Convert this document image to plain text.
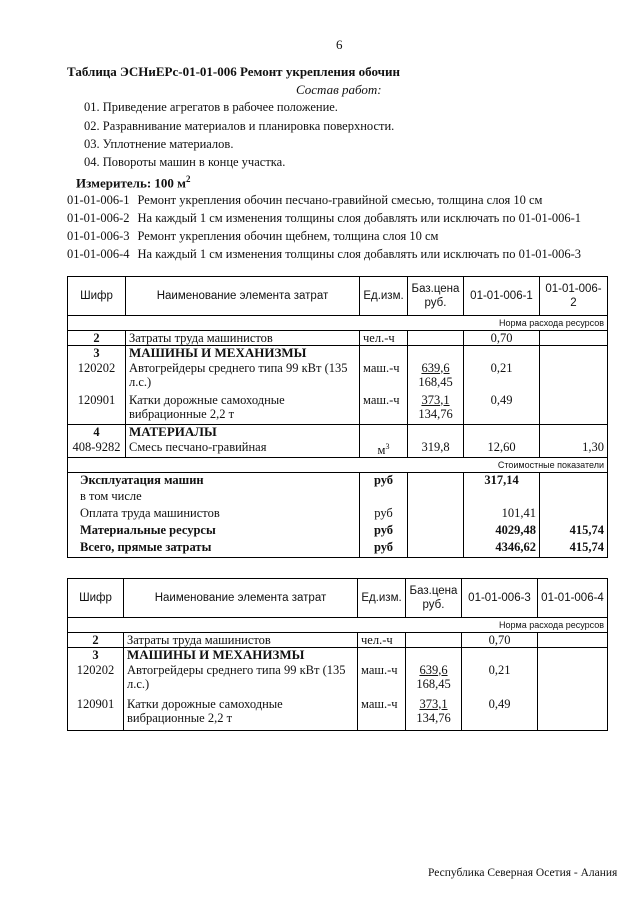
6
Таблица ЭСНиЕРс-01-01-006 Ремонт укрепления обочин
Состав работ:
01. Приведение агрегатов в рабочее положение.
02. Разравнивание материалов и планировка поверхности.
03. Уплотнение материалов.
04. Повороты машин в конце участка.
Измеритель: 100 $м^2$
01-01-006-1 Ремонт укрепления обочин песчано-гравийной смесью, толщина слоя 10 см
01-01-006-2 На каждый 1 см изменения толщины слоя добавлять или исключать по 01-01-006-1
01-01-006-3 Ремонт укрепления обочин щебнем, толщина слоя 10 см
01-01-006-4 На каждый 1 см изменения толщины слоя добавлять или исключать по 01-01-006-3
Шифр	Наименование элемента затрат	Ед.изм.	Баз.цена руб.	01-01-006-1	01-01-006-2
Норма расхода ресурсов					
2	Затраты труда машинистов	чел.-ч		0,70	
3	МАШИНЫ И МЕХАНИЗМЫ				
120202	Автогрейдеры среднего типа 99 кВт (135 л.с.)	маш.-ч	639,6
168,45	0,21	
120901	Катки дорожные самоходные вибрационные 2,2 т	маш.-ч	373,1
134,76	0,49	
4	МАТЕРИАЛЫ				
408-9282	Смесь песчано-гравийная	$м^3$	319,8	12,60	1,30
Стоимостные показатели					
Эксплуатация машин		руб		317,14	
в том числе					
Оплата труда машинистов		руб		101,41	
Материальные ресурсы		руб		4029,48	415,74
Всего, прямые затраты		руб		4346,62	415,74
Шифр	Наименование элемента затрат	Ед.изм.	Баз.цена руб.	01-01-006-3	01-01-006-4
Норма расхода ресурсов					
2	Затраты труда машинистов	чел.-ч		0,70	
3	МАШИНЫ И МЕХАНИЗМЫ				
120202	Автогрейдеры среднего типа 99 кВт (135 л.с.)	маш.-ч	639,6
168,45	0,21	
120901	Катки дорожные самоходные вибрационные 2,2 т	маш.-ч	373,1
134,76	0,49	
Республика Северная Осетия - Алания
